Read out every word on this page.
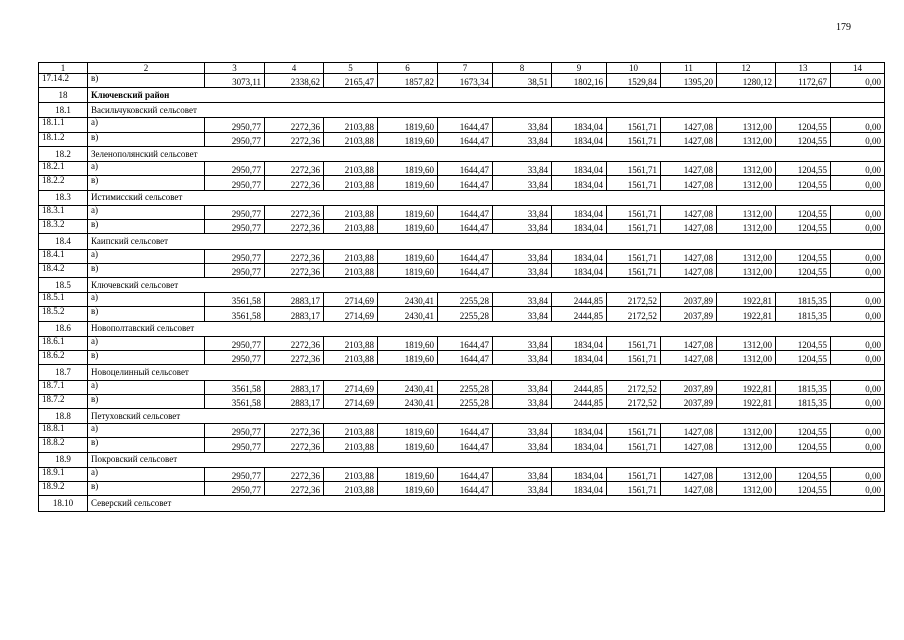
179
1	2	3	4	5	6	7	8	9	10	11	12	13	14
17.14.2	в)	3073,11	2338,62	2165,47	1857,82	1673,34	38,51	1802,16	1529,84	1395,20	1280,12	1172,67	0,00
18	Ключевский район												
18.1	Васильчуковский сельсовет												
18.1.1	а)	2950,77	2272,36	2103,88	1819,60	1644,47	33,84	1834,04	1561,71	1427,08	1312,00	1204,55	0,00
18.1.2	в)	2950,77	2272,36	2103,88	1819,60	1644,47	33,84	1834,04	1561,71	1427,08	1312,00	1204,55	0,00
18.2	Зеленополянский сельсовет												
18.2.1	а)	2950,77	2272,36	2103,88	1819,60	1644,47	33,84	1834,04	1561,71	1427,08	1312,00	1204,55	0,00
18.2.2	в)	2950,77	2272,36	2103,88	1819,60	1644,47	33,84	1834,04	1561,71	1427,08	1312,00	1204,55	0,00
18.3	Истимисский сельсовет												
18.3.1	а)	2950,77	2272,36	2103,88	1819,60	1644,47	33,84	1834,04	1561,71	1427,08	1312,00	1204,55	0,00
18.3.2	в)	2950,77	2272,36	2103,88	1819,60	1644,47	33,84	1834,04	1561,71	1427,08	1312,00	1204,55	0,00
18.4	Каипский сельсовет												
18.4.1	а)	2950,77	2272,36	2103,88	1819,60	1644,47	33,84	1834,04	1561,71	1427,08	1312,00	1204,55	0,00
18.4.2	в)	2950,77	2272,36	2103,88	1819,60	1644,47	33,84	1834,04	1561,71	1427,08	1312,00	1204,55	0,00
18.5	Ключевский сельсовет												
18.5.1	а)	3561,58	2883,17	2714,69	2430,41	2255,28	33,84	2444,85	2172,52	2037,89	1922,81	1815,35	0,00
18.5.2	в)	3561,58	2883,17	2714,69	2430,41	2255,28	33,84	2444,85	2172,52	2037,89	1922,81	1815,35	0,00
18.6	Новополтавский сельсовет												
18.6.1	а)	2950,77	2272,36	2103,88	1819,60	1644,47	33,84	1834,04	1561,71	1427,08	1312,00	1204,55	0,00
18.6.2	в)	2950,77	2272,36	2103,88	1819,60	1644,47	33,84	1834,04	1561,71	1427,08	1312,00	1204,55	0,00
18.7	Новоцелинный сельсовет												
18.7.1	а)	3561,58	2883,17	2714,69	2430,41	2255,28	33,84	2444,85	2172,52	2037,89	1922,81	1815,35	0,00
18.7.2	в)	3561,58	2883,17	2714,69	2430,41	2255,28	33,84	2444,85	2172,52	2037,89	1922,81	1815,35	0,00
18.8	Петуховский сельсовет												
18.8.1	а)	2950,77	2272,36	2103,88	1819,60	1644,47	33,84	1834,04	1561,71	1427,08	1312,00	1204,55	0,00
18.8.2	в)	2950,77	2272,36	2103,88	1819,60	1644,47	33,84	1834,04	1561,71	1427,08	1312,00	1204,55	0,00
18.9	Покровский сельсовет												
18.9.1	а)	2950,77	2272,36	2103,88	1819,60	1644,47	33,84	1834,04	1561,71	1427,08	1312,00	1204,55	0,00
18.9.2	в)	2950,77	2272,36	2103,88	1819,60	1644,47	33,84	1834,04	1561,71	1427,08	1312,00	1204,55	0,00
18.10	Северский сельсовет												
